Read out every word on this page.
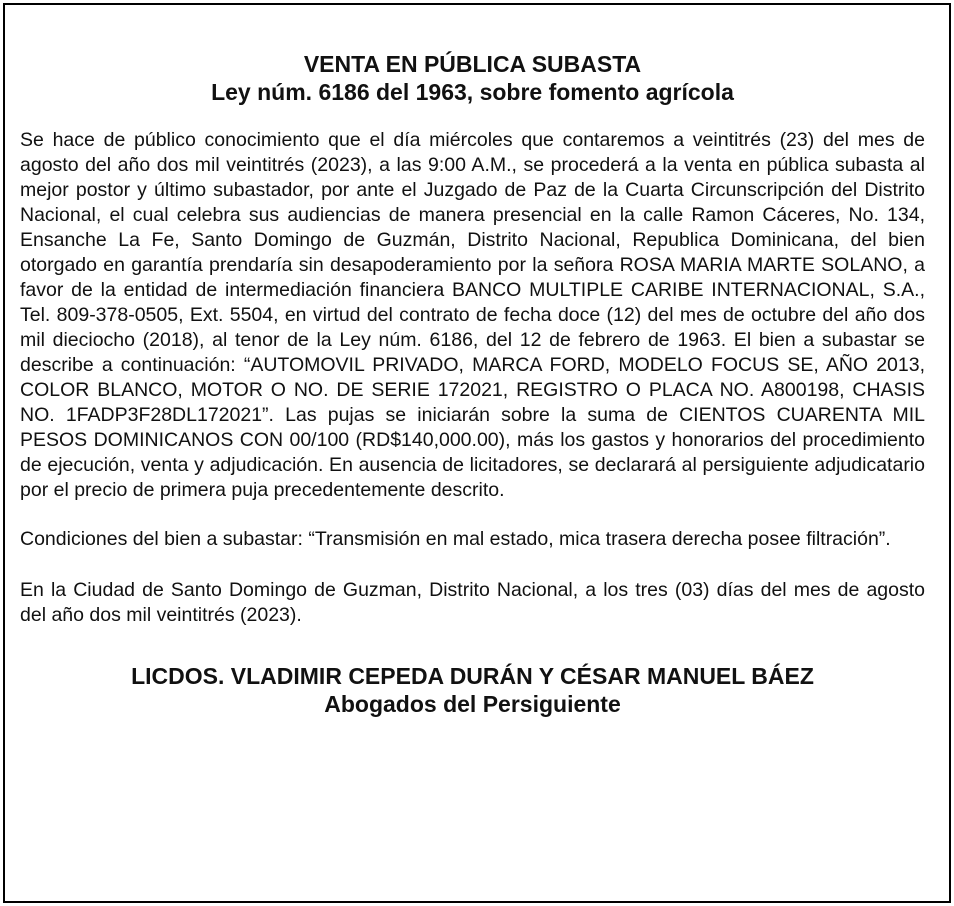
VENTA EN PÚBLICA SUBASTA
Ley núm. 6186 del 1963, sobre fomento agrícola

Se hace de público conocimiento que el día miércoles que contaremos a veintitrés (23) del mes de agosto del año dos mil veintitrés (2023), a las 9:00 A.M., se procederá a la venta en pública subasta al mejor postor y último subastador, por ante el Juzgado de Paz de la Cuarta Circunscripción del Distrito Nacional, el cual celebra sus audiencias de manera presencial en la calle Ramon Cáceres, No. 134, Ensanche La Fe, Santo Domingo de Guzmán, Distrito Nacional, Republica Dominicana, del bien otorgado en garantía prendaría sin desapoderamiento por la señora ROSA MARIA MARTE SOLANO, a favor de la entidad de intermediación financiera BANCO MULTIPLE CARIBE INTERNACIONAL, S.A., Tel. 809-378-0505, Ext. 5504, en virtud del contrato de fecha doce (12) del mes de octubre del año dos mil dieciocho (2018), al tenor de la Ley núm. 6186, del 12 de febrero de 1963. El bien a subastar se describe a continuación: “AUTOMOVIL PRIVADO, MARCA FORD, MODELO FOCUS SE, AÑO 2013, COLOR BLANCO, MOTOR O NO. DE SERIE 172021, REGISTRO O PLACA NO. A800198, CHASIS NO. 1FADP3F28DL172021”. Las pujas se iniciarán sobre la suma de CIENTOS CUARENTA MIL PESOS DOMINICANOS CON 00/100 (RD$140,000.00), más los gastos y honorarios del procedimiento de ejecución, venta y adjudicación. En ausencia de licitadores, se declarará al persiguiente adjudicatario por el precio de primera puja precedentemente descrito.

Condiciones del bien a subastar: “Transmisión en mal estado, mica trasera derecha posee filtración”.

En la Ciudad de Santo Domingo de Guzman, Distrito Nacional, a los tres (03) días del mes de agosto del año dos mil veintitrés (2023).

LICDOS. VLADIMIR CEPEDA DURÁN Y CÉSAR MANUEL BÁEZ
Abogados del Persiguiente
